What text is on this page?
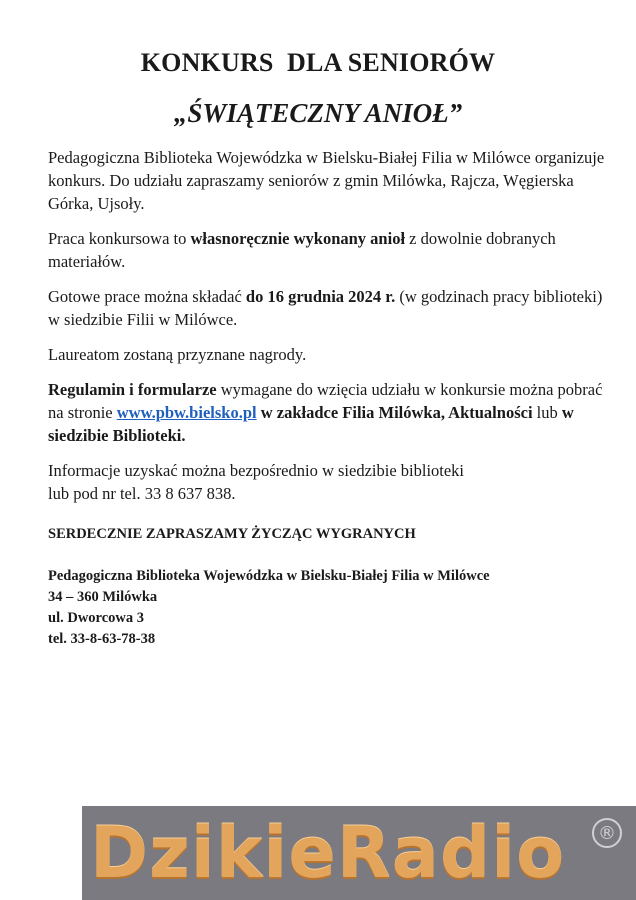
KONKURS  DLA SENIORÓW
„ŚWIĄTECZNY ANIOŁ”

Pedagogiczna Biblioteka Wojewódzka w Bielsku-Białej Filia w Milówce organizuje konkurs. Do udziału zapraszamy seniorów z gmin Milówka, Rajcza, Węgierska Górka, Ujsoły.

Praca konkursowa to własnoręcznie wykonany anioł z dowolnie dobranych materiałów.

Gotowe prace można składać do 16 grudnia 2024 r. (w godzinach pracy biblioteki) w siedzibie Filii w Milówce.

Laureatom zostaną przyznane nagrody.

Regulamin i formularze wymagane do wzięcia udziału w konkursie można pobrać na stronie www.pbw.bielsko.pl w zakładce Filia Milówka, Aktualności lub w siedzibie Biblioteki.

Informacje uzyskać można bezpośrednio w siedzibie biblioteki
lub pod nr tel. 33 8 637 838.

SERDECZNIE ZAPRASZAMY ŻYCZĄC WYGRANYCH

Pedagogiczna Biblioteka Wojewódzka w Bielsku-Białej Filia w Milówce
34 – 360 Milówka
ul. Dworcowa 3
tel. 33-8-63-78-38
DzikieRadio	®
